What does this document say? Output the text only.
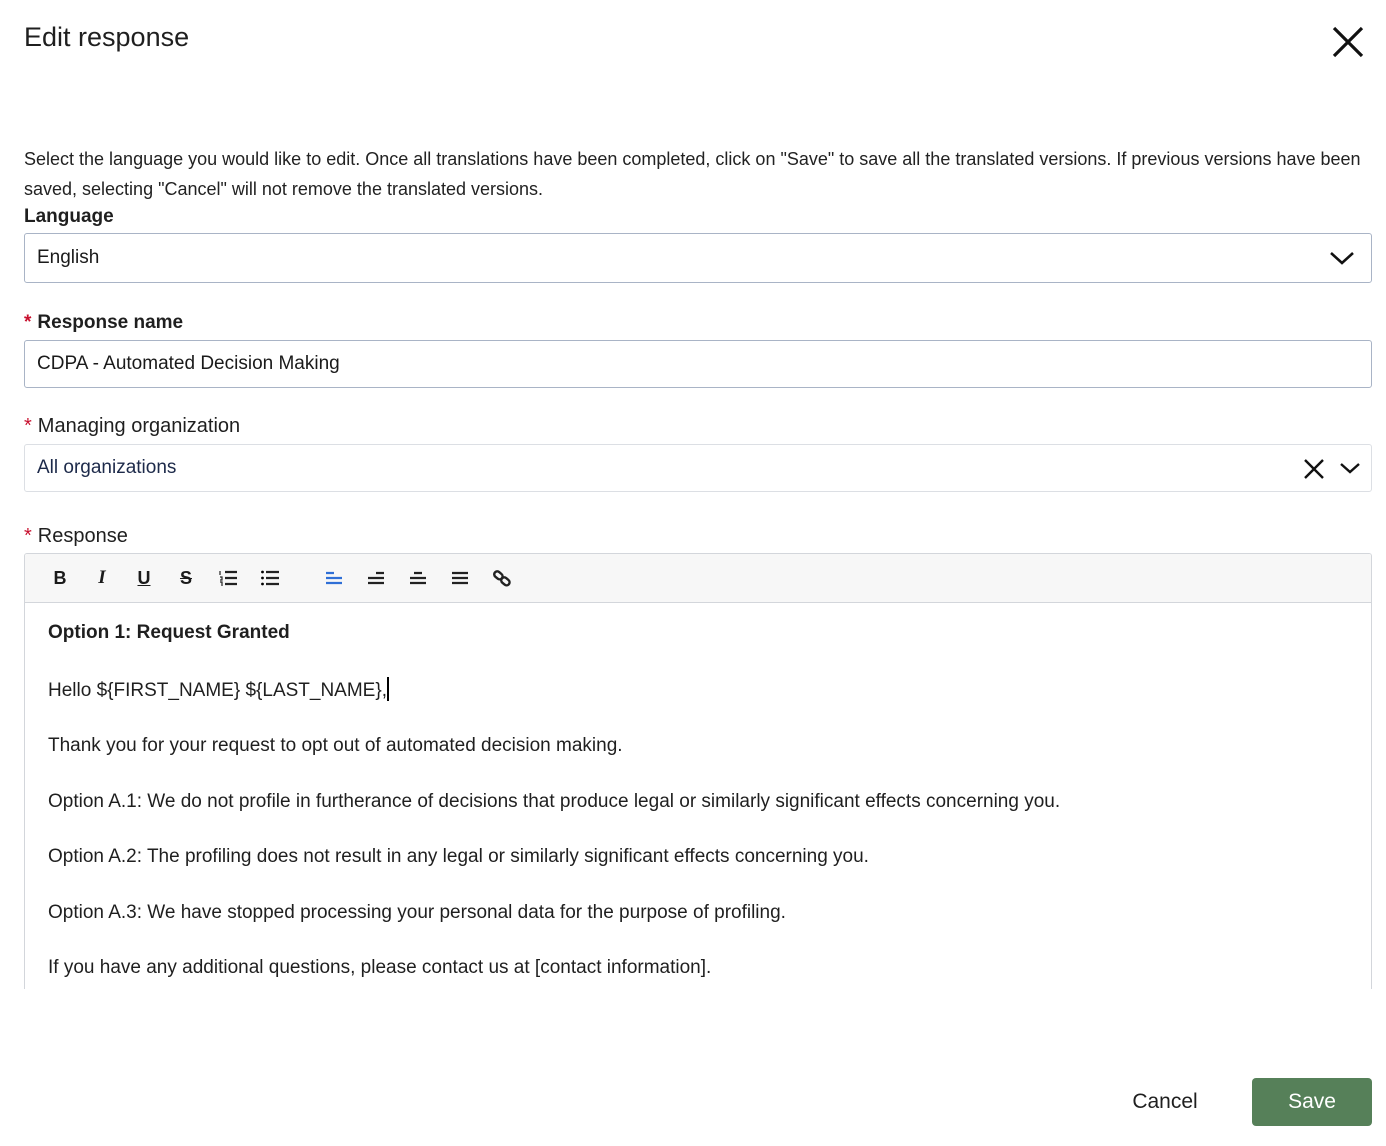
Edit response
Select the language you would like to edit. Once all translations have been completed, click on "Save" to save all the translated versions. If previous versions have been saved, selecting "Cancel" will not remove the translated versions.
Language
English
* Response name
CDPA - Automated Decision Making
* Managing organization
All organizations
* Response
B I U S

Option 1: Request Granted

Hello ${FIRST_NAME} ${LAST_NAME},

Thank you for your request to opt out of automated decision making.

Option A.1: We do not profile in furtherance of decisions that produce legal or similarly significant effects concerning you.

Option A.2: The profiling does not result in any legal or similarly significant effects concerning you.

Option A.3: We have stopped processing your personal data for the purpose of profiling.

If you have any additional questions, please contact us at [contact information].

Cancel	Save
